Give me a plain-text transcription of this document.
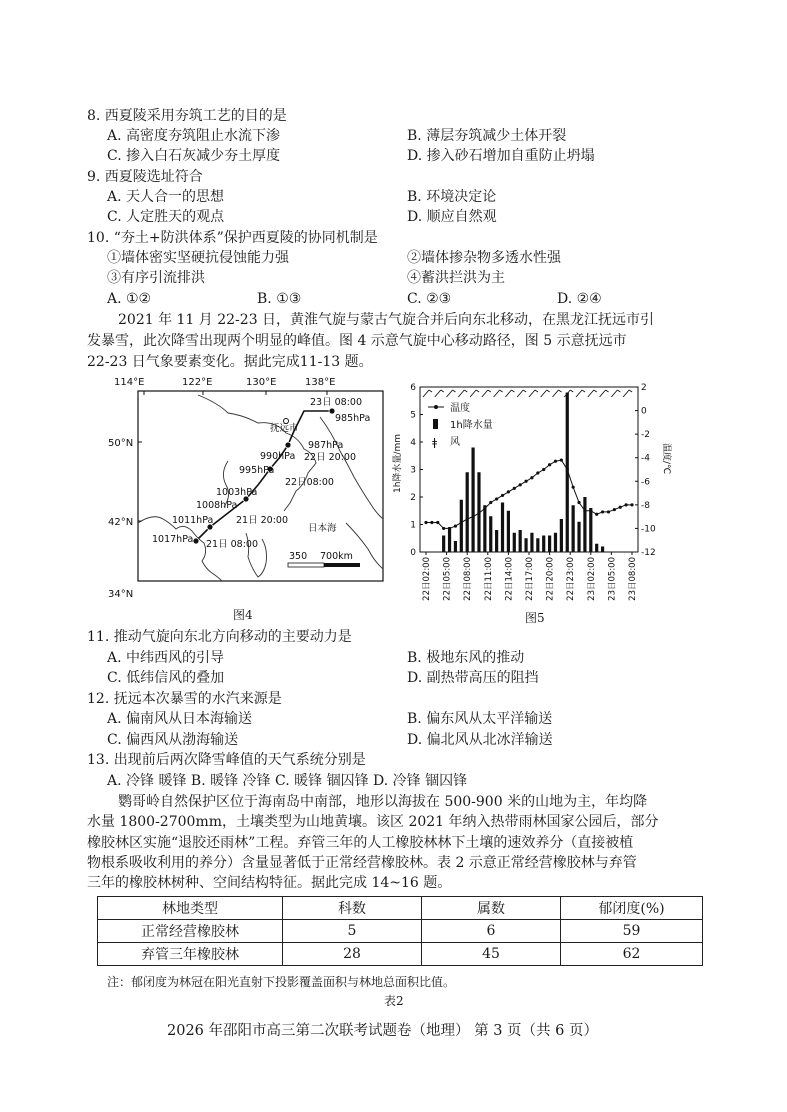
8. 西夏陵采用夯筑工艺的目的是
A. 高密度夯筑阻止水流下渗	B. 薄层夯筑减少土体开裂
C. 掺入白石灰减少夯土厚度	D. 掺入砂石增加自重防止坍塌
9. 西夏陵选址符合
A. 天人合一的思想	B. 环境决定论
C. 人定胜天的观点	D. 顺应自然观
10. “夯土+防洪体系”保护西夏陵的协同机制是
①墙体密实坚硬抗侵蚀能力强	②墙体掺杂物多透水性强
③有序引流排洪	④蓄洪拦洪为主
A. ①②	B. ①③	C. ②③	D. ②④
2021 年 11 月 22-23 日，黄淮气旋与蒙古气旋合并后向东北移动，在黑龙江抚远市引
发暴雪，此次降雪出现两个明显的峰值。图 4 示意气旋中心移动路径，图 5 示意抚远市
22-23 日气象要素变化。据此完成11-13 题。
114°E	122°E	130°E	138°E
50°N
42°N
34°N
抚远市
23日 08:00
985hPa
987hPa
990hPa 22日 20:00
995hPa
22日08:00
1003hPa
1008hPa
1011hPa 21日 20:00
1017hPa 21日 08:00
日本海
350 700km
图4
1h降水量/mm	温度/℃
6
5
4
3
2
1
0
2
0
-2
-4
-6
-8
-10
-12
22日02:00 22日05:00 22日08:00 22日11:00 22日14:00 22日17:00 22日20:00 22日23:00 23日02:00 23日05:00 23日08:00
温度
1h降水量
ǂ 风
图5
11. 推动气旋向东北方向移动的主要动力是
A. 中纬西风的引导	B. 极地东风的推动
C. 低纬信风的叠加	D. 副热带高压的阻挡
12. 抚远本次暴雪的水汽来源是
A. 偏南风从日本海输送	B. 偏东风从太平洋输送
C. 偏西风从渤海输送	D. 偏北风从北冰洋输送
13. 出现前后两次降雪峰值的天气系统分别是
A. 冷锋 暖锋 B. 暖锋 冷锋 C. 暖锋 锢囚锋 D. 冷锋 锢囚锋
鹦哥岭自然保护区位于海南岛中南部，地形以海拔在 500-900 米的山地为主，年均降
水量 1800-2700mm，土壤类型为山地黄壤。该区 2021 年纳入热带雨林国家公园后，部分
橡胶林区实施“退胶还雨林”工程。弃管三年的人工橡胶林林下土壤的速效养分（直接被植
物根系吸收利用的养分）含量显著低于正常经营橡胶林。表 2 示意正常经营橡胶林与弃管
三年的橡胶林树种、空间结构特征。据此完成 14~16 题。
林地类型	科数	属数	郁闭度(%)
正常经营橡胶林	5	6	59
弃管三年橡胶林	28	45	62
注：郁闭度为林冠在阳光直射下投影覆盖面积与林地总面积比值。
表2
2026 年邵阳市高三第二次联考试题卷（地理） 第 3 页（共 6 页）
